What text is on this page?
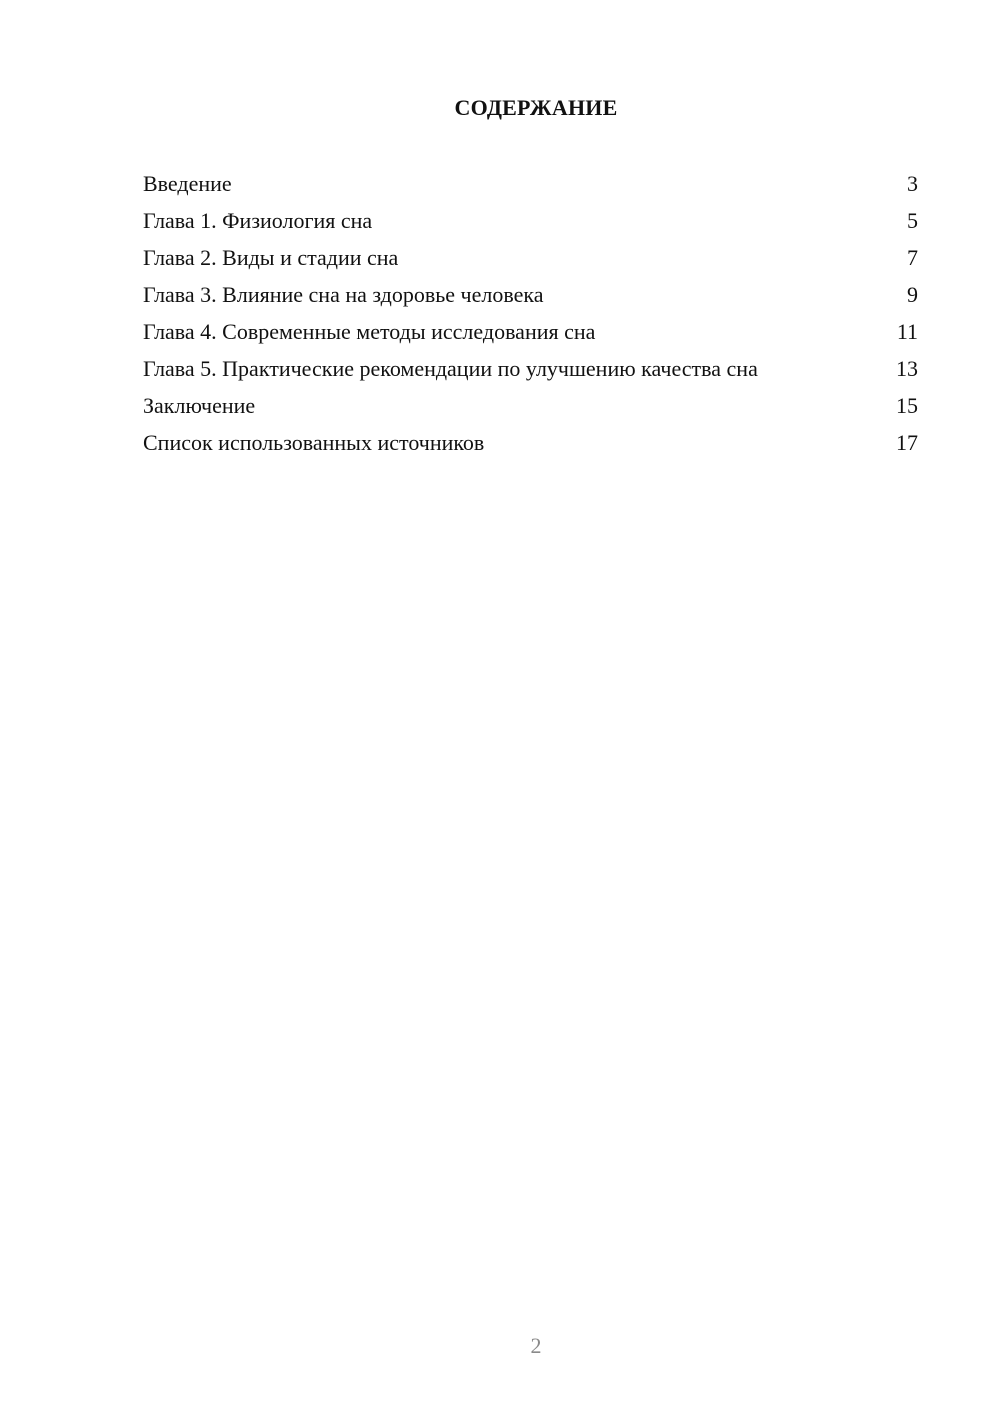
СОДЕРЖАНИЕ
Введение	3
Глава 1. Физиология сна	5
Глава 2. Виды и стадии сна	7
Глава 3. Влияние сна на здоровье человека	9
Глава 4. Современные методы исследования сна	11
Глава 5. Практические рекомендации по улучшению качества сна	13
Заключение	15
Список использованных источников	17
2
